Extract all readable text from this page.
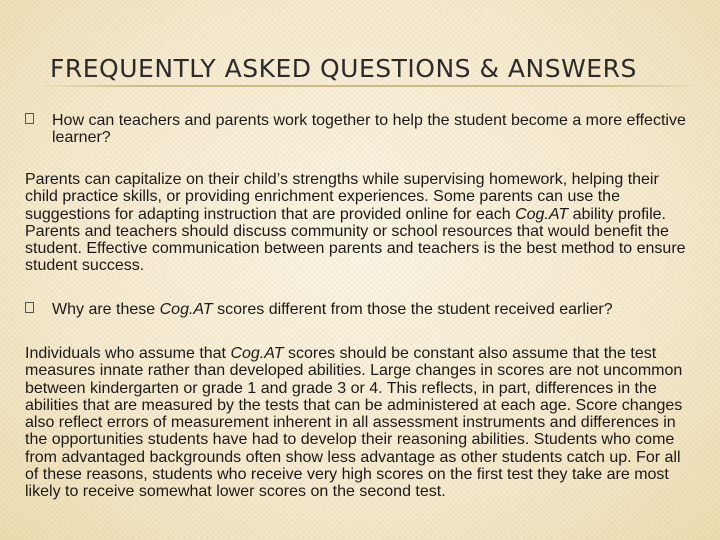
FREQUENTLY ASKED QUESTIONS & ANSWERS
How can teachers and parents work together to help the student become a more effective learner?

Parents can capitalize on their child’s strengths while supervising homework, helping their child practice skills, or providing enrichment experiences. Some parents can use the suggestions for adapting instruction that are provided online for each Cog.AT ability profile. Parents and teachers should discuss community or school resources that would benefit the student. Effective communication between parents and teachers is the best method to ensure student success.

Why are these Cog.AT scores different from those the student received earlier?

Individuals who assume that Cog.AT scores should be constant also assume that the test measures innate rather than developed abilities. Large changes in scores are not uncommon between kindergarten or grade 1 and grade 3 or 4. This reflects, in part, differences in the abilities that are measured by the tests that can be administered at each age. Score changes also reflect errors of measurement inherent in all assessment instruments and differences in the opportunities students have had to develop their reasoning abilities. Students who come from advantaged backgrounds often show less advantage as other students catch up. For all of these reasons, students who receive very high scores on the first test they take are most likely to receive somewhat lower scores on the second test.
